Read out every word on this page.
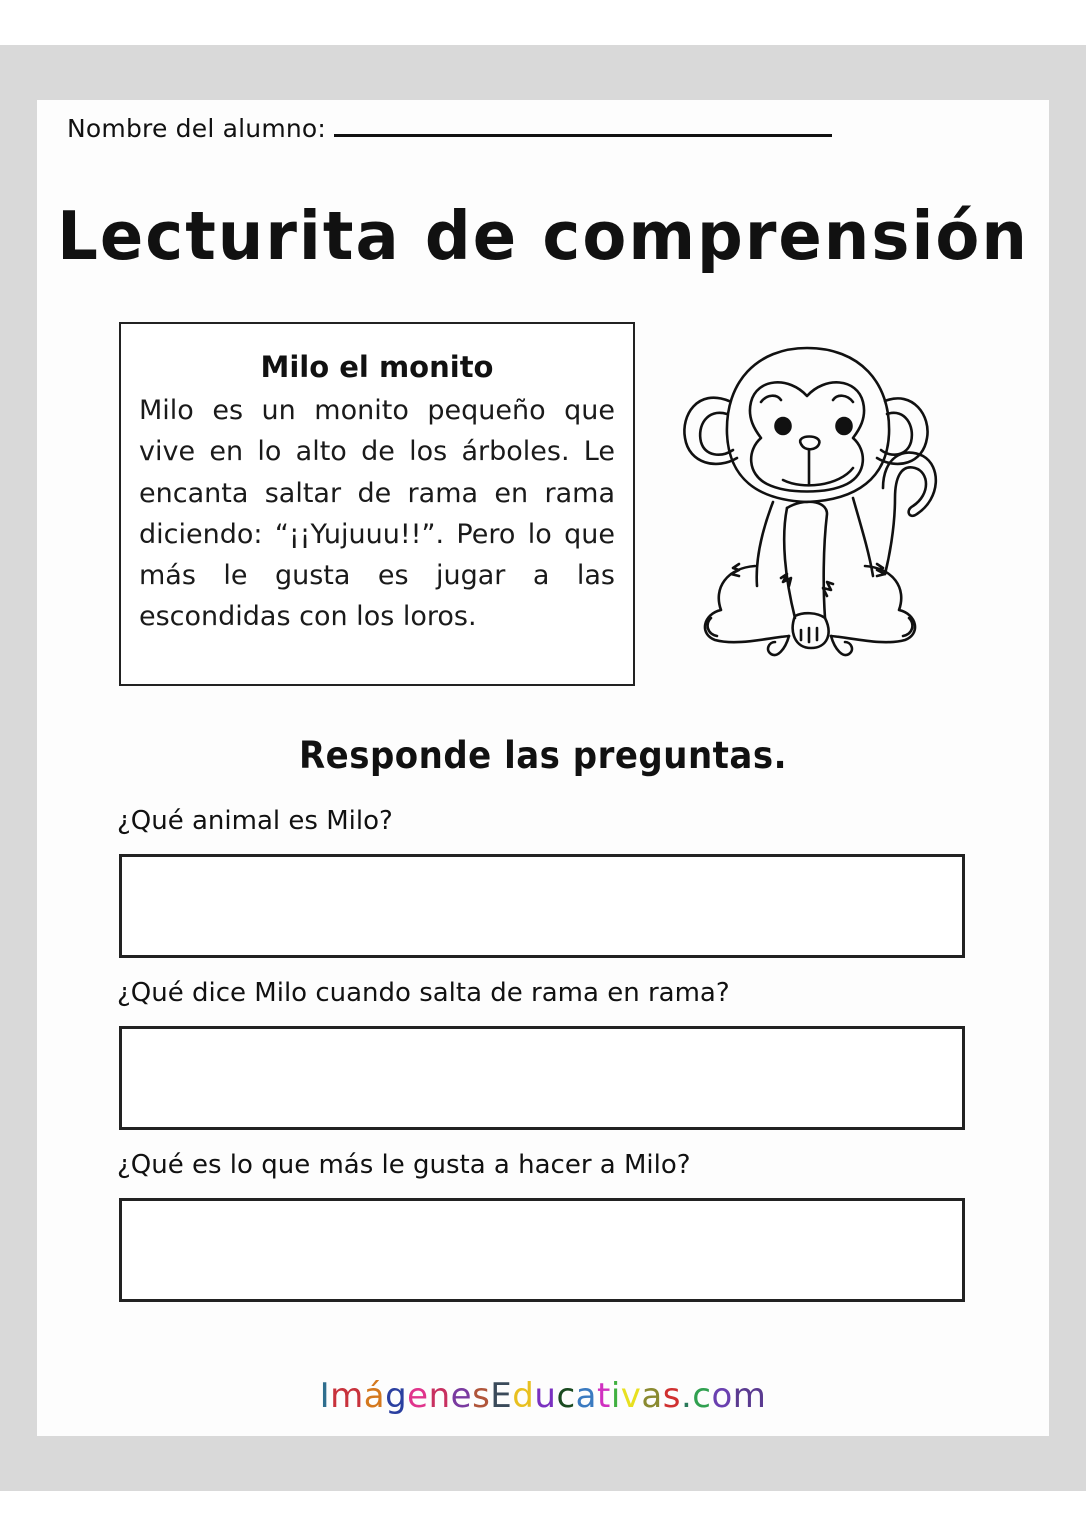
Nombre del alumno:
Lecturita de comprensión
Milo el monito
Milo es un monito pequeño que vive en lo alto de los árboles. Le encanta saltar de rama en rama diciendo: “¡¡Yujuuu!!”. Pero lo que más le gusta es jugar a las escondidas con los loros.
Responde las preguntas.
¿Qué animal es Milo?
¿Qué dice Milo cuando salta de rama en rama?
¿Qué es lo que más le gusta a hacer a Milo?
ImágenesEducativas.com
